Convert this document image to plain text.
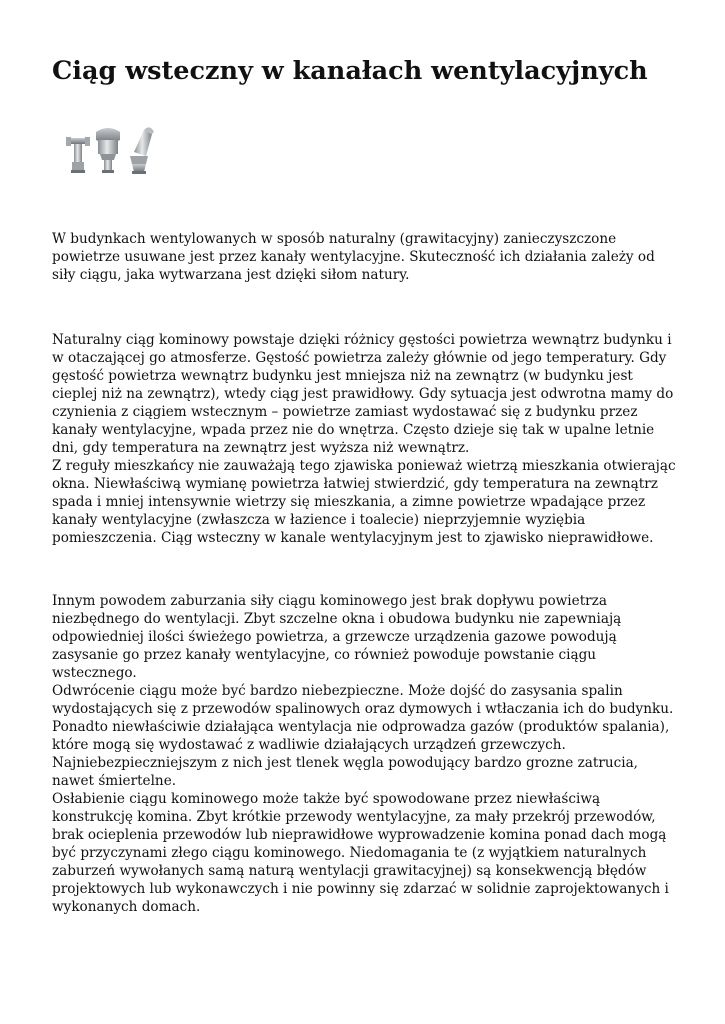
Ciąg wsteczny w kanałach wentylacyjnych
W budynkach wentylowanych w sposób naturalny (grawitacyjny) zanieczyszczone powietrze usuwane jest przez kanały wentylacyjne. Skuteczność ich działania zależy od siły ciągu, jaka wytwarzana jest dzięki siłom natury.
Naturalny ciąg kominowy powstaje dzięki różnicy gęstości powietrza wewnątrz budynku i w otaczającej go atmosferze. Gęstość powietrza zależy głównie od jego temperatury. Gdy gęstość powietrza wewnątrz budynku jest mniejsza niż na zewnątrz (w budynku jest cieplej niż na zewnątrz), wtedy ciąg jest prawidłowy. Gdy sytuacja jest odwrotna mamy do czynienia z ciągiem wstecznym – powietrze zamiast wydostawać się z budynku przez kanały wentylacyjne, wpada przez nie do wnętrza. Często dzieje się tak w upalne letnie dni, gdy temperatura na zewnątrz jest wyższa niż wewnątrz.
Z reguły mieszkańcy nie zauważają tego zjawiska ponieważ wietrzą mieszkania otwierając okna. Niewłaściwą wymianę powietrza łatwiej stwierdzić, gdy temperatura na zewnątrz spada i mniej intensywnie wietrzy się mieszkania, a zimne powietrze wpadające przez kanały wentylacyjne (zwłaszcza w łazience i toalecie) nieprzyjemnie wyziębia pomieszczenia. Ciąg wsteczny w kanale wentylacyjnym jest to zjawisko nieprawidłowe.
Innym powodem zaburzania siły ciągu kominowego jest brak dopływu powietrza niezbędnego do wentylacji. Zbyt szczelne okna i obudowa budynku nie zapewniają odpowiedniej ilości świeżego powietrza, a grzewcze urządzenia gazowe powodują zasysanie go przez kanały wentylacyjne, co również powoduje powstanie ciągu wstecznego.
Odwrócenie ciągu może być bardzo niebezpieczne. Może dojść do zasysania spalin wydostających się z przewodów spalinowych oraz dymowych i wtłaczania ich do budynku. Ponadto niewłaściwie działająca wentylacja nie odprowadza gazów (produktów spalania), które mogą się wydostawać z wadliwie działających urządzeń grzewczych. Najniebezpieczniejszym z nich jest tlenek węgla powodujący bardzo grozne zatrucia, nawet śmiertelne.
Osłabienie ciągu kominowego może także być spowodowane przez niewłaściwą konstrukcję komina. Zbyt krótkie przewody wentylacyjne, za mały przekrój przewodów, brak ocieplenia przewodów lub nieprawidłowe wyprowadzenie komina ponad dach mogą być przyczynami złego ciągu kominowego. Niedomagania te (z wyjątkiem naturalnych zaburzeń wywołanych samą naturą wentylacji grawitacyjnej) są konsekwencją błędów projektowych lub wykonawczych i nie powinny się zdarzać w solidnie zaprojektowanych i wykonanych domach.
